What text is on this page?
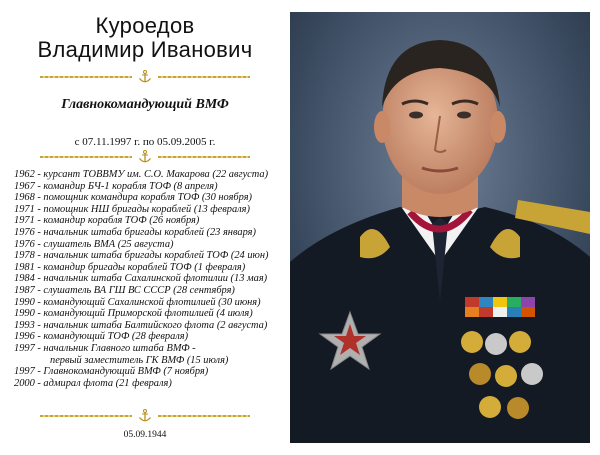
Куроедов
Владимир Иванович
Главнокомандующий ВМФ
с 07.11.1997 г. по 05.09.2005 г.
1962 - курсант ТОВВМУ им. С.О. Макарова (22 августа)
1967 - командир БЧ-1 корабля ТОФ (8 апреля)
1968 - помощник командира корабля ТОФ (30 ноября)
1971 - помощник НШ бригады кораблей (13 февраля)
1971 - командир корабля ТОФ (26 ноября)
1976 - начальник штаба бригады кораблей (23 января)
1976 - слушатель ВМА (25 августа)
1978 - начальник штаба бригады кораблей ТОФ (24 июн)
1981 - командир бригады кораблей ТОФ (1 февраля)
1984 - начальник штаба Сахалинской флотилии (13 мая)
1987 - слушатель ВА ГШ ВС СССР (28 сентября)
1990 - командующий Сахалинской флотилией (30 июня)
1990 - командующий Приморской флотилией (4 июля)
1993 - начальник штаба Балтийского флота (2 августа)
1996 - командующий ТОФ (28 февраля)
1997 - начальник Главного штаба ВМФ -
первый заместитель ГК ВМФ (15 июля)
1997 - Главнокомандующий ВМФ (7 ноября)
2000 - адмирал флота (21 февраля)
05.09.1944
